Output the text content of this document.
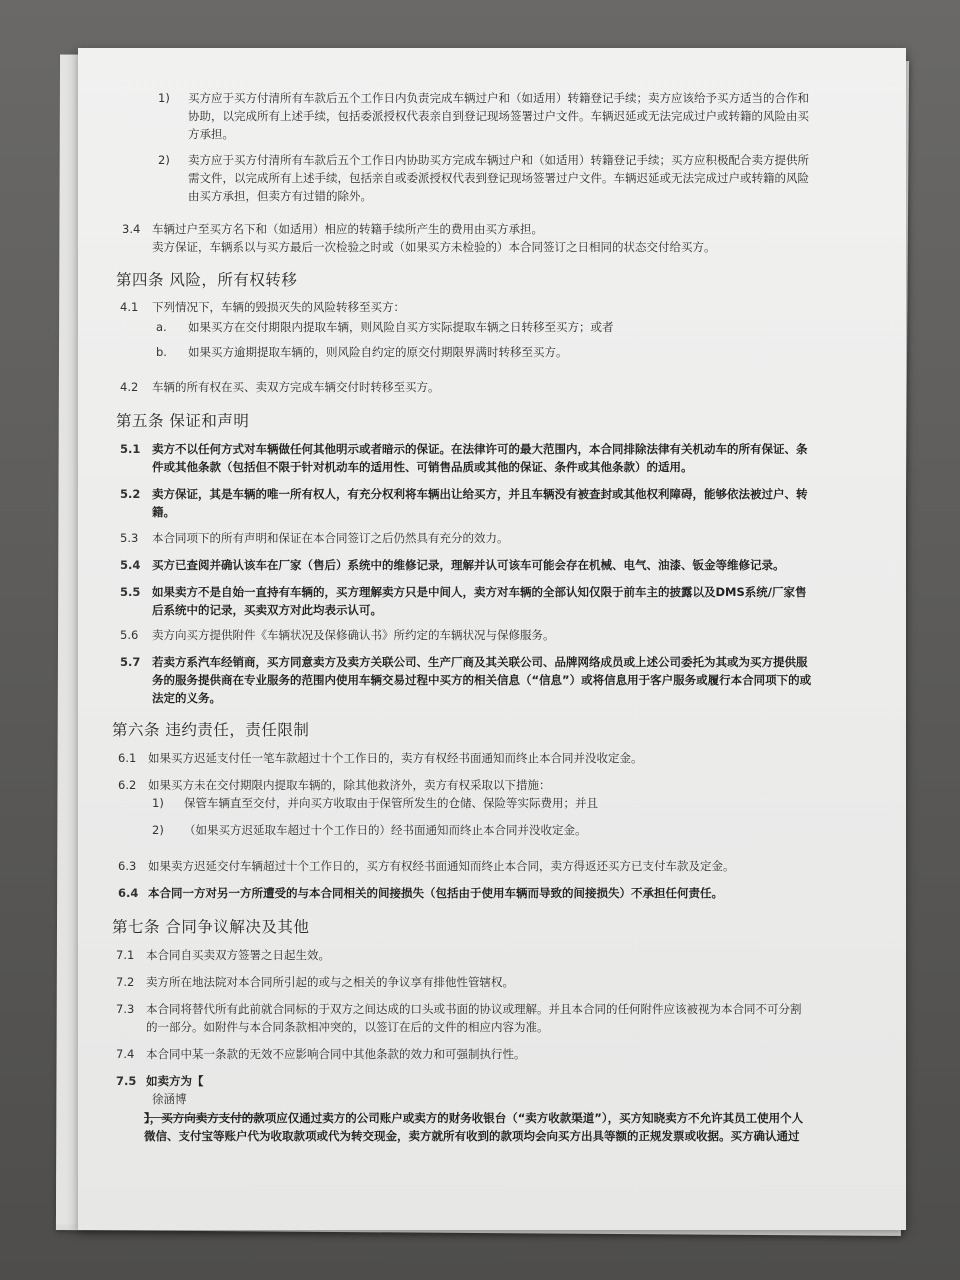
1) 买方应于买方付清所有车款后五个工作日内负责完成车辆过户和（如适用）转籍登记手续；卖方应该给予买方适当的合作和
协助，以完成所有上述手续，包括委派授权代表亲自到登记现场签署过户文件。车辆迟延或无法完成过户或转籍的风险由买
方承担。
2) 卖方应于买方付清所有车款后五个工作日内协助买方完成车辆过户和（如适用）转籍登记手续；买方应积极配合卖方提供所
需文件，以完成所有上述手续，包括亲自或委派授权代表到登记现场签署过户文件。车辆迟延或无法完成过户或转籍的风险
由买方承担，但卖方有过错的除外。
3.4 车辆过户至买方名下和（如适用）相应的转籍手续所产生的费用由买方承担。
卖方保证，车辆系以与买方最后一次检验之时或（如果买方未检验的）本合同签订之日相同的状态交付给买方。
4.1 下列情况下，车辆的毁损灭失的风险转移至买方：
a. 如果买方在交付期限内提取车辆，则风险自买方实际提取车辆之日转移至买方；或者
b. 如果买方逾期提取车辆的，则风险自约定的原交付期限界满时转移至买方。
4.2 车辆的所有权在买、卖双方完成车辆交付时转移至买方。
5.1 卖方不以任何方式对车辆做任何其他明示或者暗示的保证。在法律许可的最大范围内，本合同排除法律有关机动车的所有保证、条
件或其他条款（包括但不限于针对机动车的适用性、可销售品质或其他的保证、条件或其他条款）的适用。
5.2 卖方保证，其是车辆的唯一所有权人，有充分权利将车辆出让给买方，并且车辆没有被查封或其他权利障碍，能够依法被过户、转
籍。
5.3 本合同项下的所有声明和保证在本合同签订之后仍然具有充分的效力。
5.4 买方已查阅并确认该车在厂家（售后）系统中的维修记录，理解并认可该车可能会存在机械、电气、油漆、钣金等维修记录。
5.5 如果卖方不是自始一直持有车辆的，买方理解卖方只是中间人，卖方对车辆的全部认知仅限于前车主的披露以及DMS系统/厂家售
后系统中的记录，买卖双方对此均表示认可。
5.6 卖方向买方提供附件《车辆状况及保修确认书》所约定的车辆状况与保修服务。
5.7 若卖方系汽车经销商，买方同意卖方及卖方关联公司、生产厂商及其关联公司、品牌网络成员或上述公司委托为其或为买方提供服
务的服务提供商在专业服务的范围内使用车辆交易过程中买方的相关信息（“信息”）或将信息用于客户服务或履行本合同项下的或
法定的义务。
6.1 如果买方迟延支付任一笔车款超过十个工作日的，卖方有权经书面通知而终止本合同并没收定金。
6.2 如果买方未在交付期限内提取车辆的，除其他救济外，卖方有权采取以下措施：
1) 保管车辆直至交付，并向买方收取由于保管所发生的仓储、保险等实际费用；并且
2) （如果买方迟延取车超过十个工作日的）经书面通知而终止本合同并没收定金。
6.3 如果卖方迟延交付车辆超过十个工作日的，买方有权经书面通知而终止本合同，卖方得返还买方已支付车款及定金。
6.4 本合同一方对另一方所遭受的与本合同相关的间接损失（包括由于使用车辆而导致的间接损失）不承担任何责任。
7.1 本合同自买卖双方签署之日起生效。
7.2 卖方所在地法院对本合同所引起的或与之相关的争议享有排他性管辖权。
7.3 本合同将替代所有此前就合同标的于双方之间达成的口头或书面的协议或理解。并且本合同的任何附件应该被视为本合同不可分割
的一部分。如附件与本合同条款相冲突的，以签订在后的文件的相应内容为准。
7.4 本合同中某一条款的无效不应影响合同中其他条款的效力和可强制执行性。
7.5 如卖方为【
徐涵博
】，买方向卖方支付的款项应仅通过卖方的公司账户或卖方的财务收银台（“卖方收款渠道”），买方知晓卖方不允许其员工使用个人
微信、支付宝等账户代为收取款项或代为转交现金，卖方就所有收到的款项均会向买方出具等额的正规发票或收据。买方确认通过
第四条 风险，所有权转移
第五条 保证和声明
第六条 违约责任，责任限制
第七条 合同争议解决及其他
